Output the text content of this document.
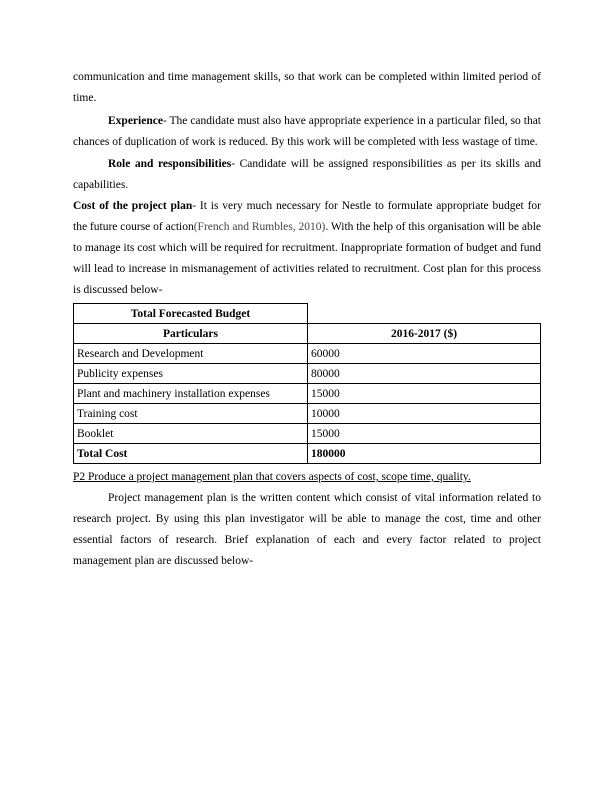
communication and time management skills, so that work can be completed within limited period of time.

Experience- The candidate must also have appropriate experience in a particular filed, so that chances of duplication of work is reduced. By this work will be completed with less wastage of time.

Role and responsibilities- Candidate will be assigned responsibilities as per its skills and capabilities.

Cost of the project plan- It is very much necessary for Nestle to formulate appropriate budget for the future course of action(French and Rumbles, 2010). With the help of this organisation will be able to manage its cost which will be required for recruitment. Inappropriate formation of budget and fund will lead to increase in mismanagement of activities related to recruitment. Cost plan for this process is discussed below-

Total Forecasted Budget	
Particulars	2016-2017 ($)
Research and Development	60000
Publicity expenses	80000
Plant and machinery installation expenses	15000
Training cost	10000
Booklet	15000
Total Cost	180000

P2 Produce a project management plan that covers aspects of cost, scope time, quality.

Project management plan is the written content which consist of vital information related to research project. By using this plan investigator will be able to manage the cost, time and other essential factors of research. Brief explanation of each and every factor related to project management plan are discussed below-
